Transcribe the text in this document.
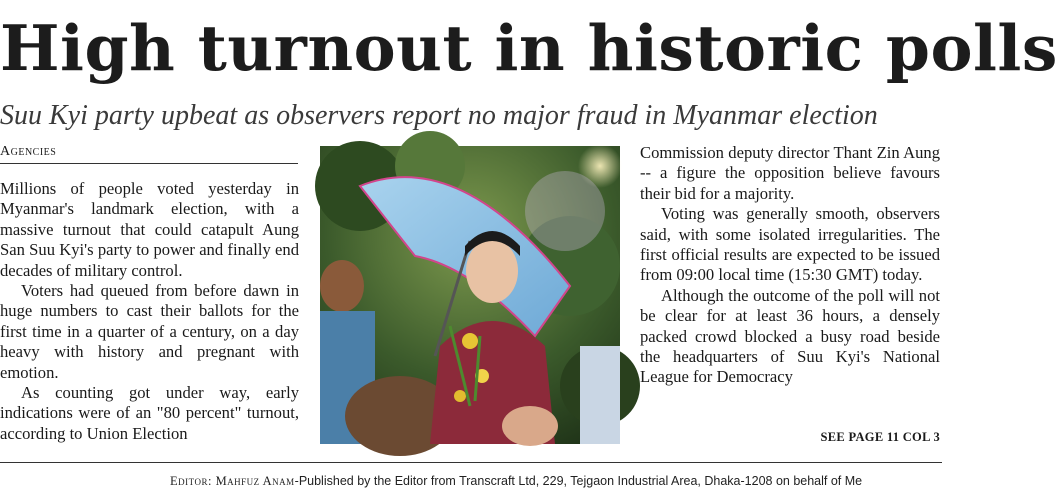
High turnout in historic polls
Suu Kyi party upbeat as observers report no major fraud in Myanmar election
Agencies

Millions of people voted yesterday in Myanmar's landmark election, with a massive turnout that could catapult Aung San Suu Kyi's party to power and finally end decades of military control.

Voters had queued from before dawn in huge numbers to cast their ballots for the first time in a quarter of a century, on a day heavy with history and pregnant with emotion.

As counting got under way, early indications were of an "80 percent" turnout, according to Union Election

Commission deputy director Thant Zin Aung -- a figure the opposition believe favours their bid for a majority.

Voting was generally smooth, observers said, with some isolated irregularities. The first official results are expected to be issued from 09:00 local time (15:30 GMT) today.

Although the outcome of the poll will not be clear for at least 36 hours, a densely packed crowd blocked a busy road beside the headquarters of Suu Kyi's National League for Democracy

SEE PAGE 11 COL 3
Editor: Mahfuz Anam-Published by the Editor from Transcraft Ltd, 229, Tejgaon Industrial Area, Dhaka-1208 on behalf of Me
